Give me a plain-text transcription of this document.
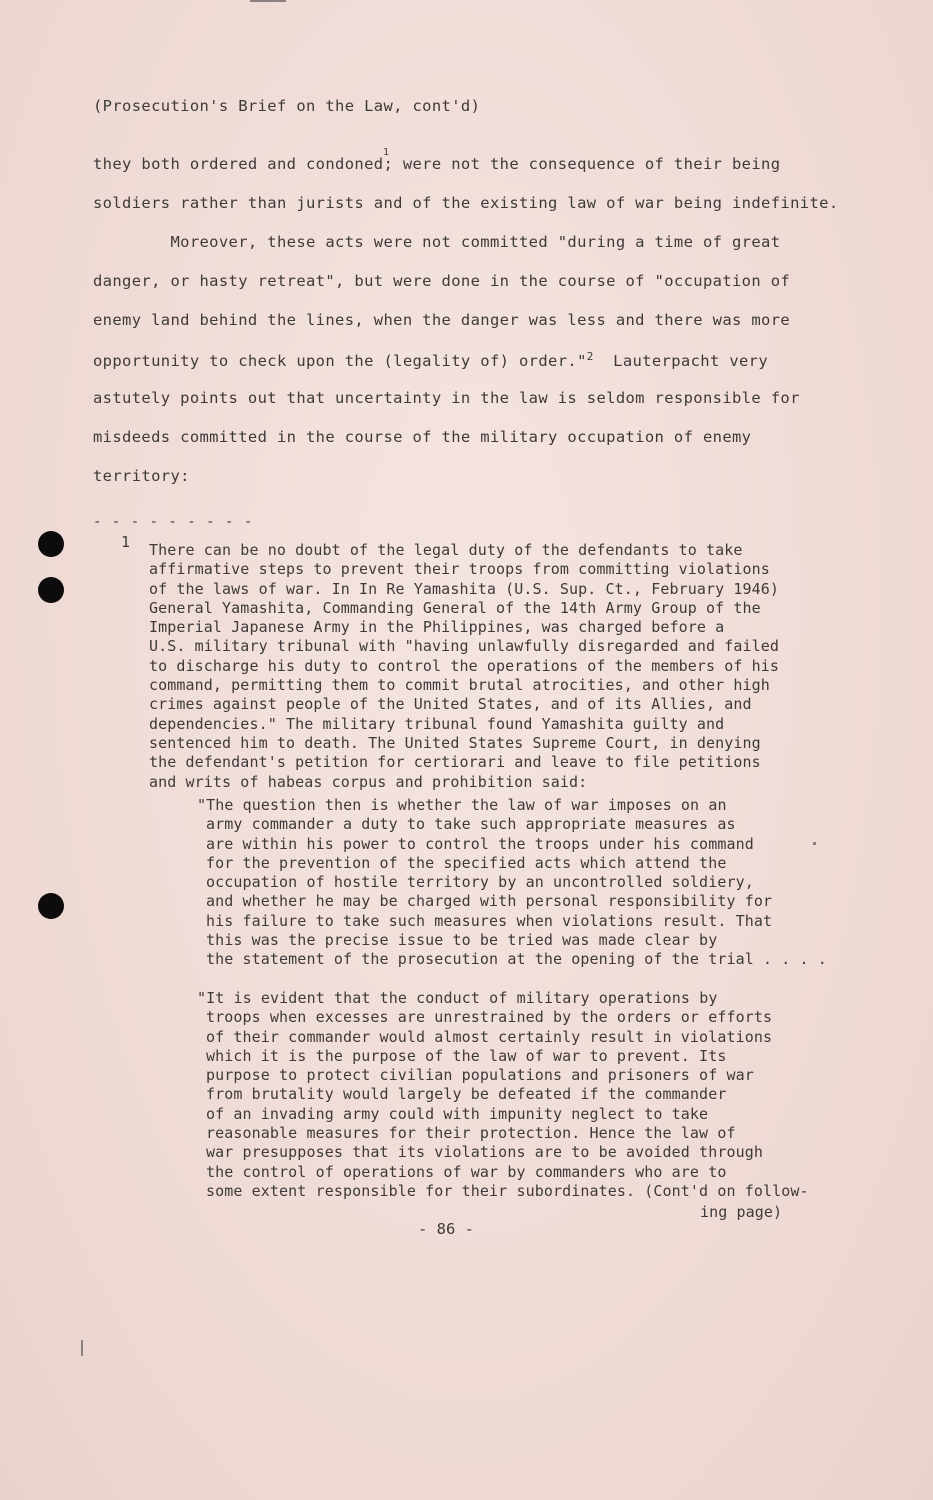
(Prosecution's Brief on the Law, cont'd)
they both ordered and condoned; were not the consequence of their being
1
soldiers rather than jurists and of the existing law of war being indefinite.
Moreover, these acts were not committed "during a time of great
danger, or hasty retreat", but were done in the course of "occupation of
enemy land behind the lines, when the danger was less and there was more
opportunity to check upon the (legality of) order."$^2$ Lauterpacht very
astutely points out that uncertainty in the law is seldom responsible for
misdeeds committed in the course of the military occupation of enemy
territory:
- - - - - - - - -
1 There can be no doubt of the legal duty of the defendants to take
affirmative steps to prevent their troops from committing violations
of the laws of war. In In Re Yamashita (U.S. Sup. Ct., February 1946)
General Yamashita, Commanding General of the 14th Army Group of the
Imperial Japanese Army in the Philippines, was charged before a
U.S. military tribunal with "having unlawfully disregarded and failed
to discharge his duty to control the operations of the members of his
command, permitting them to commit brutal atrocities, and other high
crimes against people of the United States, and of its Allies, and
dependencies." The military tribunal found Yamashita guilty and
sentenced him to death. The United States Supreme Court, in denying
the defendant's petition for certiorari and leave to file petitions
and writs of habeas corpus and prohibition said:
"The question then is whether the law of war imposes on an
army commander a duty to take such appropriate measures as
are within his power to control the troops under his command
for the prevention of the specified acts which attend the
occupation of hostile territory by an uncontrolled soldiery,
and whether he may be charged with personal responsibility for
his failure to take such measures when violations result. That
this was the precise issue to be tried was made clear by
the statement of the prosecution at the opening of the trial . . . .
"It is evident that the conduct of military operations by
troops when excesses are unrestrained by the orders or efforts
of their commander would almost certainly result in violations
which it is the purpose of the law of war to prevent. Its
purpose to protect civilian populations and prisoners of war
from brutality would largely be defeated if the commander
of an invading army could with impunity neglect to take
reasonable measures for their protection. Hence the law of
war presupposes that its violations are to be avoided through
the control of operations of war by commanders who are to
some extent responsible for their subordinates. (Cont'd on follow-
ing page)
- 86 -
